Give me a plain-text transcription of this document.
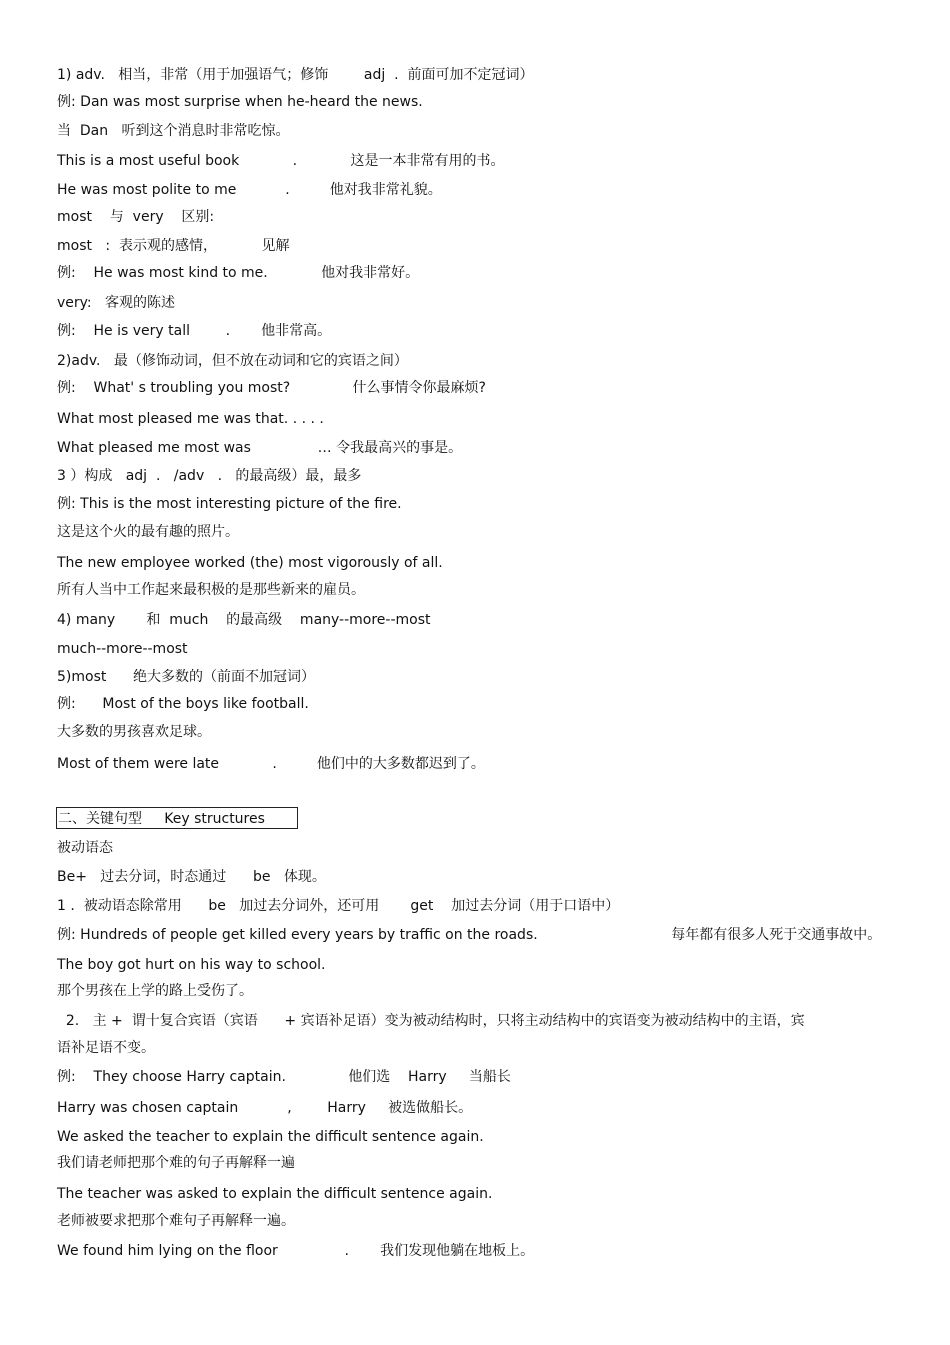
1) adv.   相当，非常（用于加强语气；修饰        adj  .  前面可加不定冠词）
例: Dan was most surprise when he-heard the news.
当  Dan   听到这个消息时非常吃惊。
This is a most useful book            .            这是一本非常有用的书。
He was most polite to me           .         他对我非常礼貌。
most    与  very    区别:
most   :  表示观的感情，          见解
例:    He was most kind to me.            他对我非常好。
very:   客观的陈述
例:    He is very tall        .       他非常高。
2)adv.   最（修饰动词，但不放在动词和它的宾语之间）
例:    What' s troubling you most?              什么事情令你最麻烦?
What most pleased me was that. . . . .
What pleased me most was               … 令我最高兴的事是。
3 ）构成   adj  .   /adv   .   的最高级）最，最多
例: This is the most interesting picture of the fire.
这是这个火的最有趣的照片。
The new employee worked (the) most vigorously of all.
所有人当中工作起来最积极的是那些新来的雇员。
4) many       和  much    的最高级    many--more--most
much--more--most
5)most      绝大多数的（前面不加冠词）
例:      Most of the boys like football.
大多数的男孩喜欢足球。
Most of them were late            .         他们中的大多数都迟到了。
二、关键句型     Key structures
被动语态
Be+   过去分词，时态通过      be   体现。
1 .  被动语态除常用      be   加过去分词外，还可用       get    加过去分词（用于口语中）
例: Hundreds of people get killed every years by traffic on the roads.                              每年都有很多人死于交通事故中。
The boy got hurt on his way to school.
那个男孩在上学的路上受伤了。
2.   主 +  谓十复合宾语（宾语      + 宾语补足语）变为被动结构时，只将主动结构中的宾语变为被动结构中的主语，宾
语补足语不变。
例:    They choose Harry captain.              他们选    Harry     当船长
Harry was chosen captain           ,        Harry     被选做船长。
We asked the teacher to explain the difficult sentence again.
我们请老师把那个难的句子再解释一遍
The teacher was asked to explain the difficult sentence again.
老师被要求把那个难句子再解释一遍。
We found him lying on the floor               .       我们发现他躺在地板上。
